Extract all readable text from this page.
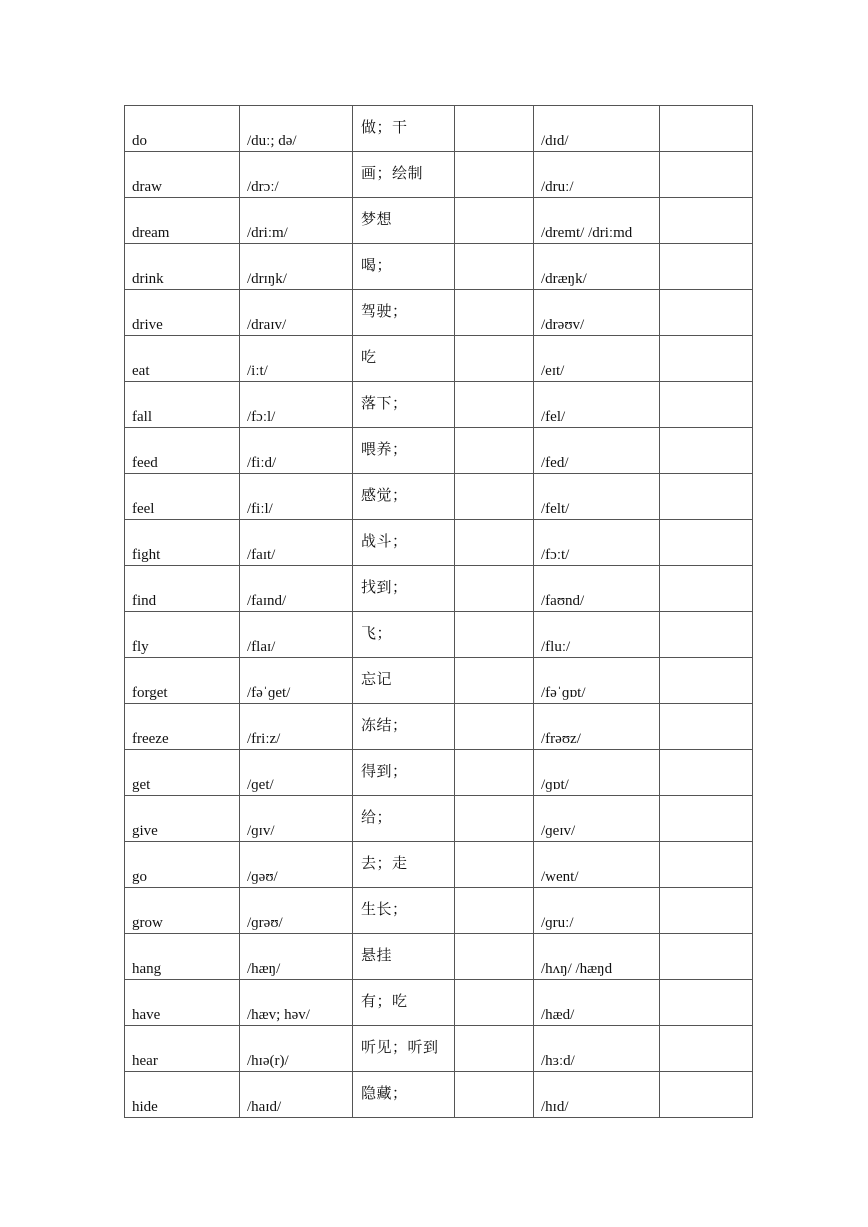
do	/duː; də/	做；干		/dɪd/	

draw	/drɔː/	画；绘制		/druː/	

dream	/driːm/	梦想		/dremt/ /driːmd	

drink	/drɪŋk/	喝；		/dræŋk/	

drive	/draɪv/	驾驶；		/drəʊv/	

eat	/iːt/	吃		/eɪt/	

fall	/fɔːl/	落下；		/fel/	

feed	/fiːd/	喂养；		/fed/	

feel	/fiːl/	感觉；		/felt/	

fight	/faɪt/	战斗；		/fɔːt/	

find	/faɪnd/	找到；		/faʊnd/	

fly	/flaɪ/	飞；		/fluː/	

forget	/fəˈɡet/	忘记		/fəˈɡɒt/	

freeze	/friːz/	冻结；		/frəʊz/	

get	/ɡet/	得到；		/ɡɒt/	

give	/ɡɪv/	给；		/ɡeɪv/	

go	/ɡəʊ/	去；走		/went/	

grow	/ɡrəʊ/	生长；		/ɡruː/	

hang	/hæŋ/	悬挂		/hʌŋ/ /hæŋd	

have	/hæv; həv/	有；吃		/hæd/	

hear	/hɪə(r)/	听见；听到		/hɜːd/	

hide	/haɪd/	隐藏；		/hɪd/	
